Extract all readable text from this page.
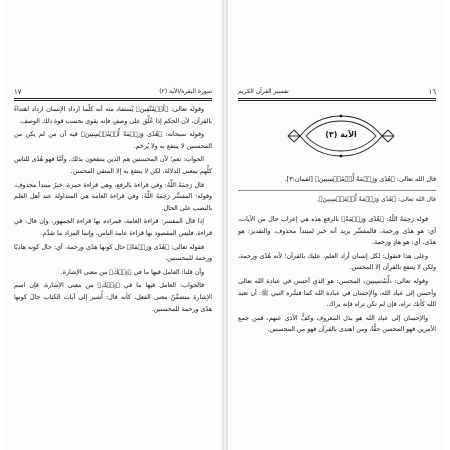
١٧	سورة البقرة/الآية (٢)

وقوله تعالى: ﴿لِّلۡمُتَّقِينَ﴾ يُستفاد منه أنه كلَّما ازداد الإنسان ازداد اهتداءً بالقرآن، لأن الحكم إذا عُلِّق على وصفٍ فإنه يقوى بحسب قوة ذلك الوصف.

وقوله سبحانه: ﴿هُدًى وَرَحۡمَةً لِّلۡمُحۡسِنِينَ﴾ فيه أن من لم يكن من المحسنين لا ينتفع به ولا يُرحَم.

الجواب: نعم؛ لأن المحسنين هم الذين ينتفعون بذلك، وأمَّا فهو هُدًى للناس كلِّهم بمعنى الدلالة، لكن لا ينتفع به إلا المتقي المحسن.

قال رَحِمَهُ اللَّهُ: وفي قراءة بالرفع، وهي قراءة حمزة، خبرُ مبتدأ محذوف، وقوله: المفسِّر رَحِمَهُ اللَّهُ: وفي قراءة العامة هي المتداولة عند أهل العلم بالنصب على الحال.

إذا قال المفسر: قراءة العامة، فمراده بها قراءة الجمهور، وإن قال: في قراءة، فليس المقصود بها قراءة عامة الناس، وإنما المراد ما تقدَّم.

فقوله تعالى: ﴿هُدًى وَرَحۡمَةً﴾ حال كونها هدًى ورحمة، أي: حال كونه هاديًا ورحمة للمحسنين.

وأن قلنا: العامل فيها ما في ﴿تِلۡكَ﴾ من معنى الإشارة.

فالجواب: العامل فيها ما في ﴿تِلۡكَ﴾ من معنى الإشارة، فإن اسم الإشارة متضمِّنٌ معنى الفعل، كأنه قال: أُشير إلى آيات الكتاب حالَ كونها هدًى ورحمة للمحسنين.

١٦
تفسير القرآن الكريم
الآية (٣)
قال الله تعالى: ﴿هُدًى وَرَحۡمَةً لِّلۡمُحۡسِنِينَ﴾ [لقمان:٣].
قال الله تعالى: ﴿هُدًى وَرَحۡمَةً لِّلۡمُحۡسِنِينَ﴾.

قوله رَحِمَهُ اللَّهُ: ﴿هُدًى وَرَحۡمَةً﴾ بالرفع هذه هي إعراب حال من الآيات، أي: هو هدًى ورحمة، فالمفسِّر يريد أنه خبر لمبتدأ محذوف، والتقدير: هو هدًى، أي: هو هادٍ ورحمة.

وعلى هذا فنقول: لكل إنسان أراد العلم، عليك بالقرآن؛ لأنه هُدًى ورحمة، ولكن لا ينتفع بالقرآن إلا المحسن.

وقوله تعالى: ﴿لِّلۡمُحۡسِنِينَ﴾ المحسن: هو الذي أحسن في عبادة الله تعالى وأحسن إلى عباد الله، والإحسان في عبادة الله كما فسَّره النبي ﷺ: أن تعبد الله كأنك تراه، فإن لم تكن تراه فإنه يراك.

والإحسان إلى عباد الله هو بذل المعروف وكفُّ الأذى عنهم، فمن جمع الأمرين فهو المحسن حقًّا، ومن اهتدى بالقرآن فهو من المحسنين.
